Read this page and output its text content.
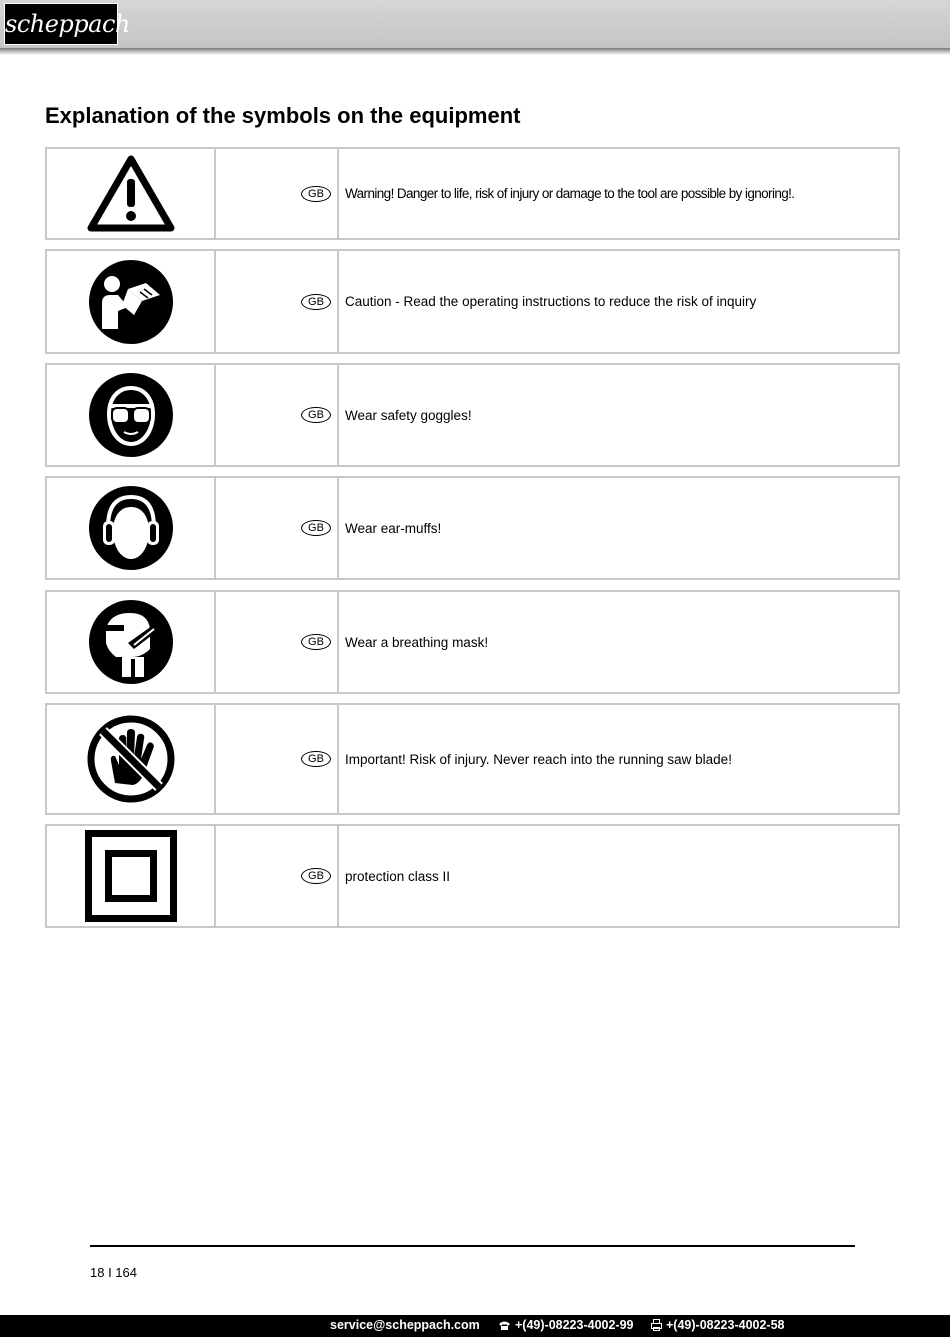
scheppach
Explanation of the symbols on the equipment
GB	Warning! Danger to life, risk of injury or damage to the tool are possible by ignoring!.
GB	Caution - Read the operating instructions to reduce the risk of inquiry
GB	Wear safety goggles!
GB	Wear ear-muffs!
GB	Wear a breathing mask!
GB	Important! Risk of injury. Never reach into the running saw blade!
GB	protection class II
18 I 164
service@scheppach.com	+(49)-08223-4002-99	+(49)-08223-4002-58
